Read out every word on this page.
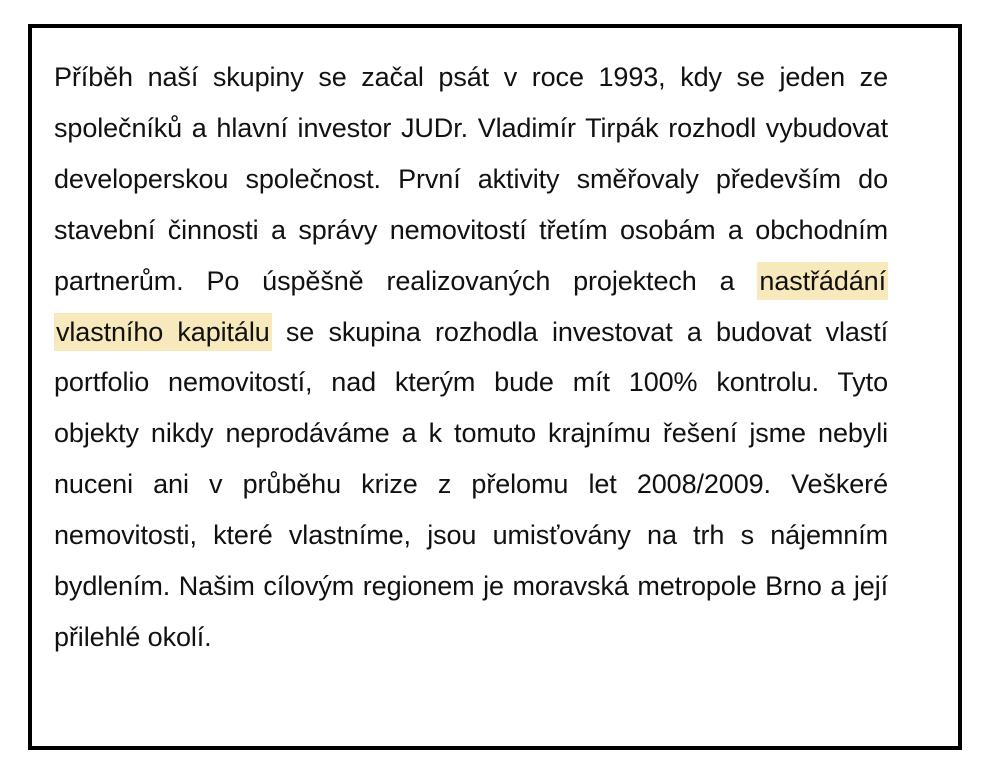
Příběh naší skupiny se začal psát v roce 1993, kdy se jeden ze společníků a hlavní investor JUDr. Vladimír Tirpák rozhodl vybudovat developerskou společnost. První aktivity směřovaly především do stavební činnosti a správy nemovitostí třetím osobám a obchodním partnerům. Po úspěšně realizovaných projektech a nastřádání vlastního kapitálu se skupina rozhodla investovat a budovat vlastí portfolio nemovitostí, nad kterým bude mít 100% kontrolu. Tyto objekty nikdy neprodáváme a k tomuto krajnímu řešení jsme nebyli nuceni ani v průběhu krize z přelomu let 2008/2009. Veškeré nemovitosti, které vlastníme, jsou umisťovány na trh s nájemním bydlením. Našim cílovým regionem je moravská metropole Brno a její přilehlé okolí.
